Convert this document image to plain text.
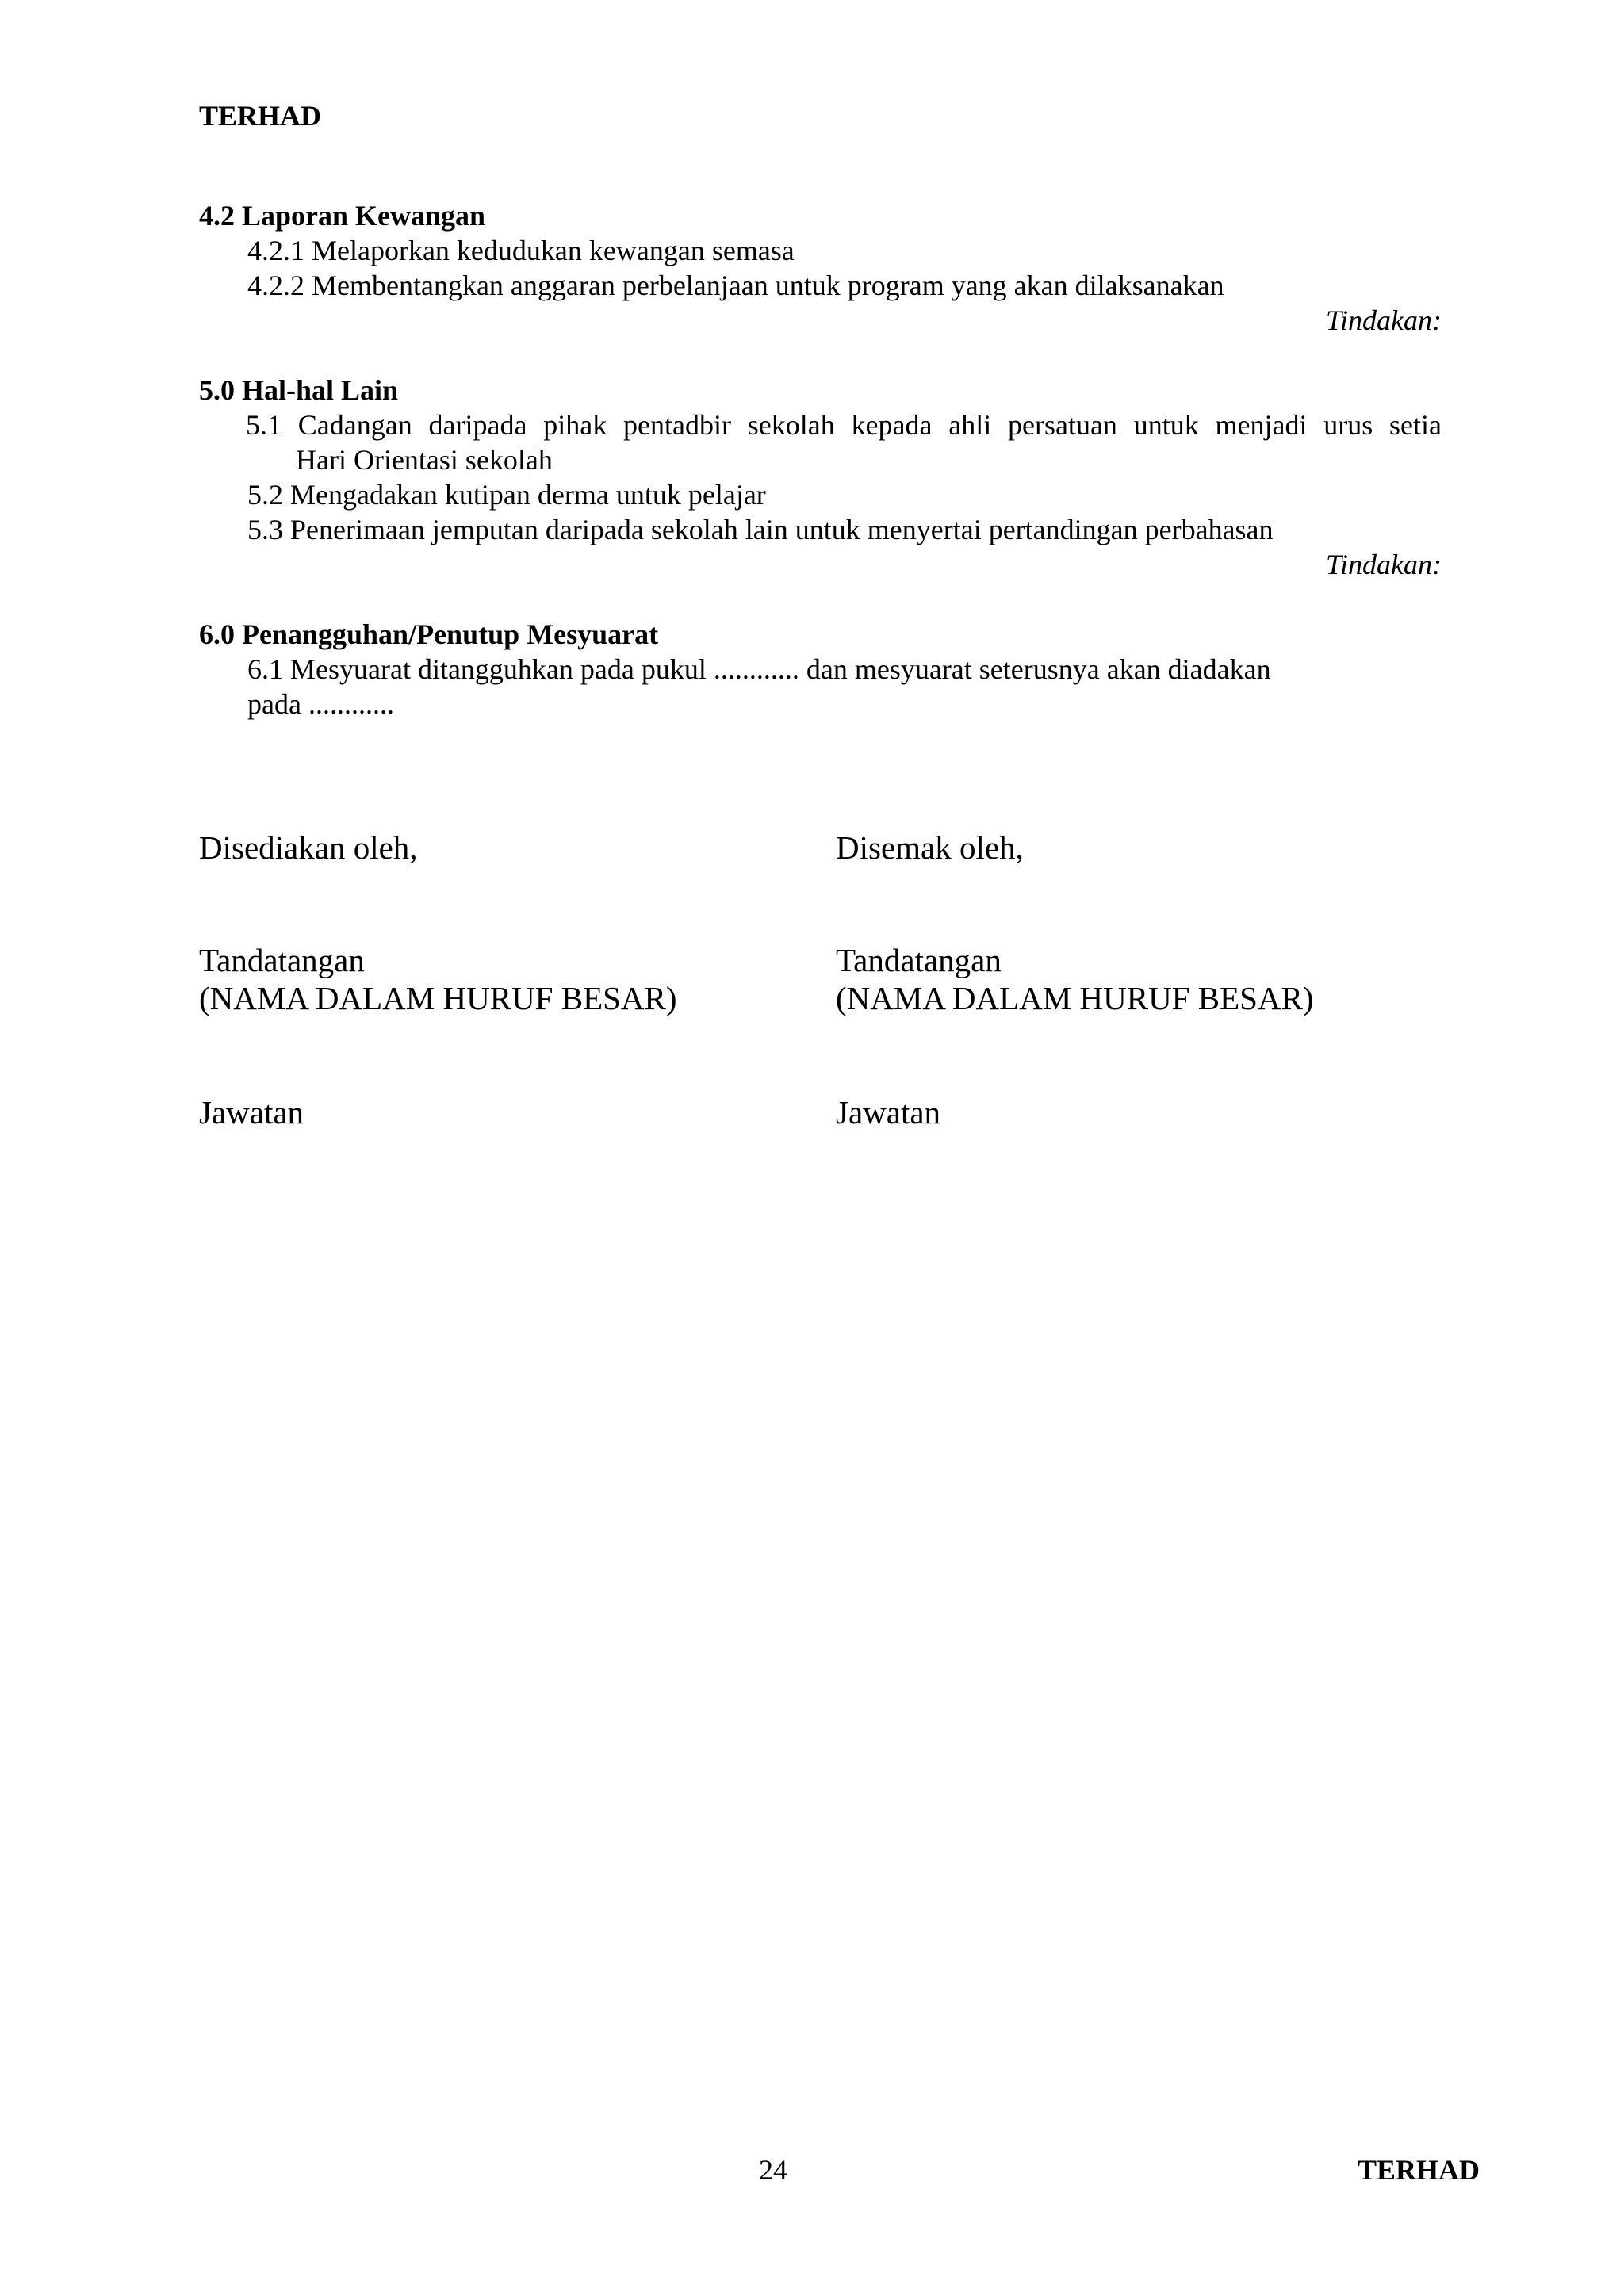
TERHAD
4.2 Laporan Kewangan
4.2.1 Melaporkan kedudukan kewangan semasa
4.2.2 Membentangkan anggaran perbelanjaan untuk program yang akan dilaksanakan
Tindakan:
5.0 Hal-hal Lain
5.1 Cadangan daripada pihak pentadbir sekolah kepada ahli persatuan untuk menjadi urus setia
Hari Orientasi sekolah
5.2 Mengadakan kutipan derma untuk pelajar
5.3 Penerimaan jemputan daripada sekolah lain untuk menyertai pertandingan perbahasan
Tindakan:
6.0 Penangguhan/Penutup Mesyuarat
6.1 Mesyuarat ditangguhkan pada pukul ............ dan mesyuarat seterusnya akan diadakan
pada ............
Disediakan oleh,
Tandatangan
(NAMA DALAM HURUF BESAR)
Jawatan
Disemak oleh,
Tandatangan
(NAMA DALAM HURUF BESAR)
Jawatan
24	TERHAD
